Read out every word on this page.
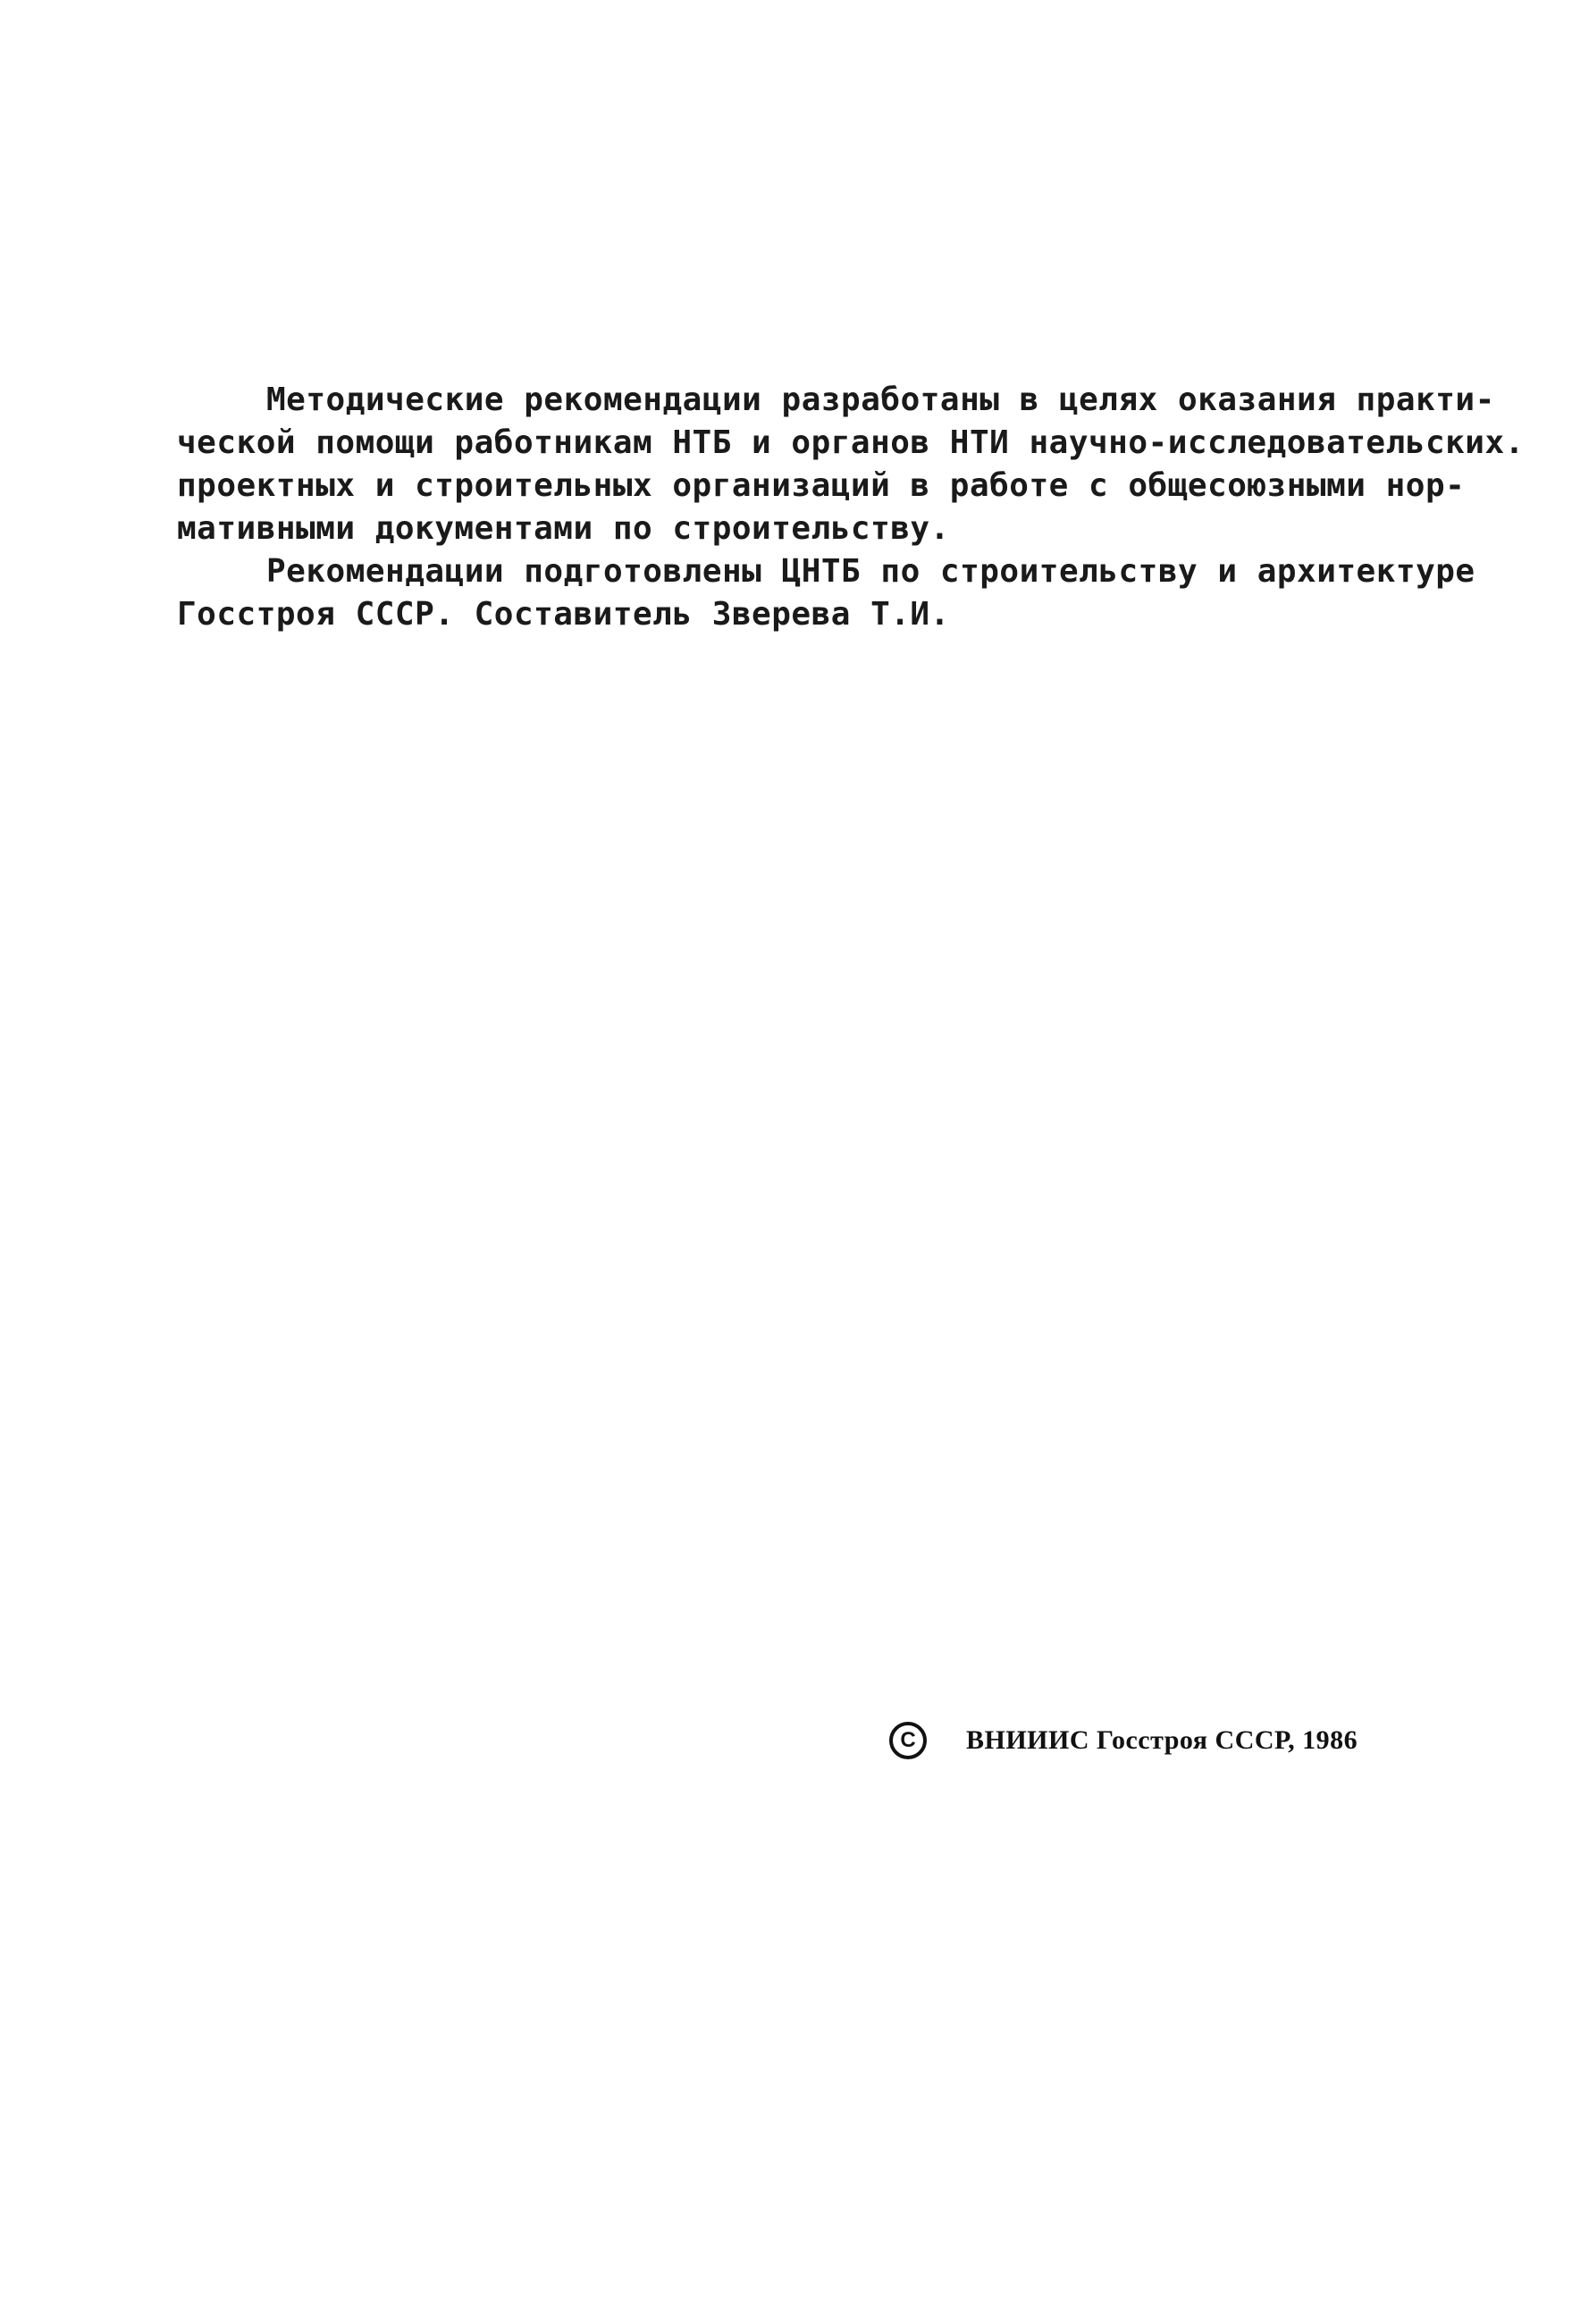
Методические рекомендации разработаны в целях оказания практи-
ческой помощи работникам НТБ и органов НТИ научно-исследовательских.
проектных и строительных организаций в работе с общесоюзными нор-
мативными документами по строительству.

Рекомендации подготовлены ЦНТБ по строительству и архитектуре
Госстроя СССР. Составитель Зверева Т.И.

C	ВНИИИС Госстроя СССР, 1986
